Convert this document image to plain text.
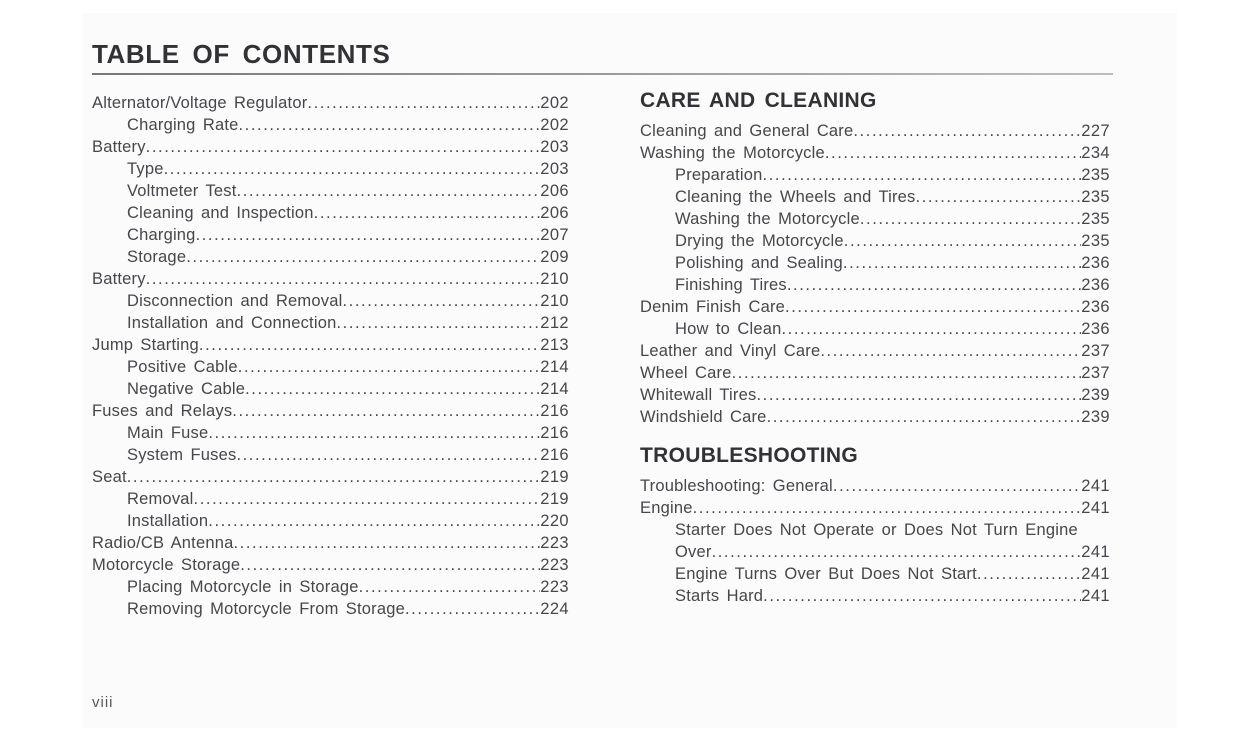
TABLE OF CONTENTS
Alternator/Voltage Regulator .....	202
Charging Rate .....	202
Battery .....	203
Type .....	203
Voltmeter Test .....	206
Cleaning and Inspection .....	206
Charging .....	207
Storage .....	209
Battery .....	210
Disconnection and Removal .....	210
Installation and Connection .....	212
Jump Starting .....	213
Positive Cable .....	214
Negative Cable .....	214
Fuses and Relays .....	216
Main Fuse .....	216
System Fuses .....	216
Seat .....	219
Removal .....	219
Installation .....	220
Radio/CB Antenna .....	223
Motorcycle Storage .....	223
Placing Motorcycle in Storage .....	223
Removing Motorcycle From Storage .....	224
CARE AND CLEANING
Cleaning and General Care .....	227
Washing the Motorcycle .....	234
Preparation .....	235
Cleaning the Wheels and Tires .....	235
Washing the Motorcycle .....	235
Drying the Motorcycle .....	235
Polishing and Sealing .....	236
Finishing Tires .....	236
Denim Finish Care .....	236
How to Clean .....	236
Leather and Vinyl Care .....	237
Wheel Care .....	237
Whitewall Tires .....	239
Windshield Care .....	239
TROUBLESHOOTING
Troubleshooting: General .....	241
Engine .....	241
Starter Does Not Operate or Does Not Turn Engine
Over .....	241
Engine Turns Over But Does Not Start .....	241
Starts Hard .....	241
viii
